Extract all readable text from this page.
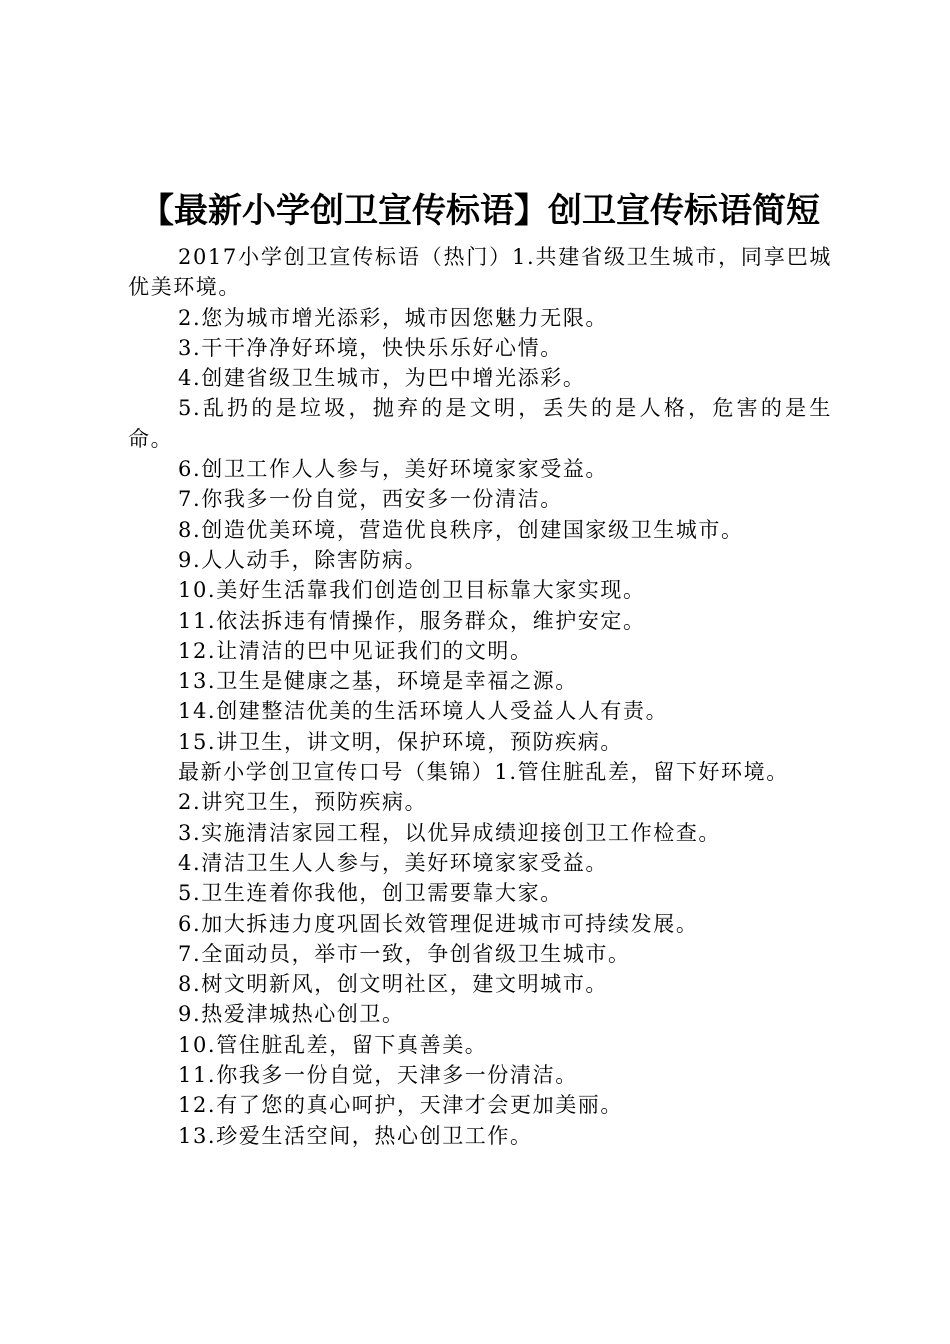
【最新小学创卫宣传标语】创卫宣传标语简短

2017小学创卫宣传标语（热门）1.共建省级卫生城市，同享巴城优美环境。

2.您为城市增光添彩，城市因您魅力无限。

3.干干净净好环境，快快乐乐好心情。

4.创建省级卫生城市，为巴中增光添彩。

5.乱扔的是垃圾，抛弃的是文明，丢失的是人格，危害的是生命。

6.创卫工作人人参与，美好环境家家受益。

7.你我多一份自觉，西安多一份清洁。

8.创造优美环境，营造优良秩序，创建国家级卫生城市。

9.人人动手，除害防病。

10.美好生活靠我们创造创卫目标靠大家实现。

11.依法拆违有情操作，服务群众，维护安定。

12.让清洁的巴中见证我们的文明。

13.卫生是健康之基，环境是幸福之源。

14.创建整洁优美的生活环境人人受益人人有责。

15.讲卫生，讲文明，保护环境，预防疾病。

最新小学创卫宣传口号（集锦）1.管住脏乱差，留下好环境。

2.讲究卫生，预防疾病。

3.实施清洁家园工程，以优异成绩迎接创卫工作检查。

4.清洁卫生人人参与，美好环境家家受益。

5.卫生连着你我他，创卫需要靠大家。

6.加大拆违力度巩固长效管理促进城市可持续发展。

7.全面动员，举市一致，争创省级卫生城市。

8.树文明新风，创文明社区，建文明城市。

9.热爱津城热心创卫。

10.管住脏乱差，留下真善美。

11.你我多一份自觉，天津多一份清洁。

12.有了您的真心呵护，天津才会更加美丽。

13.珍爱生活空间，热心创卫工作。
